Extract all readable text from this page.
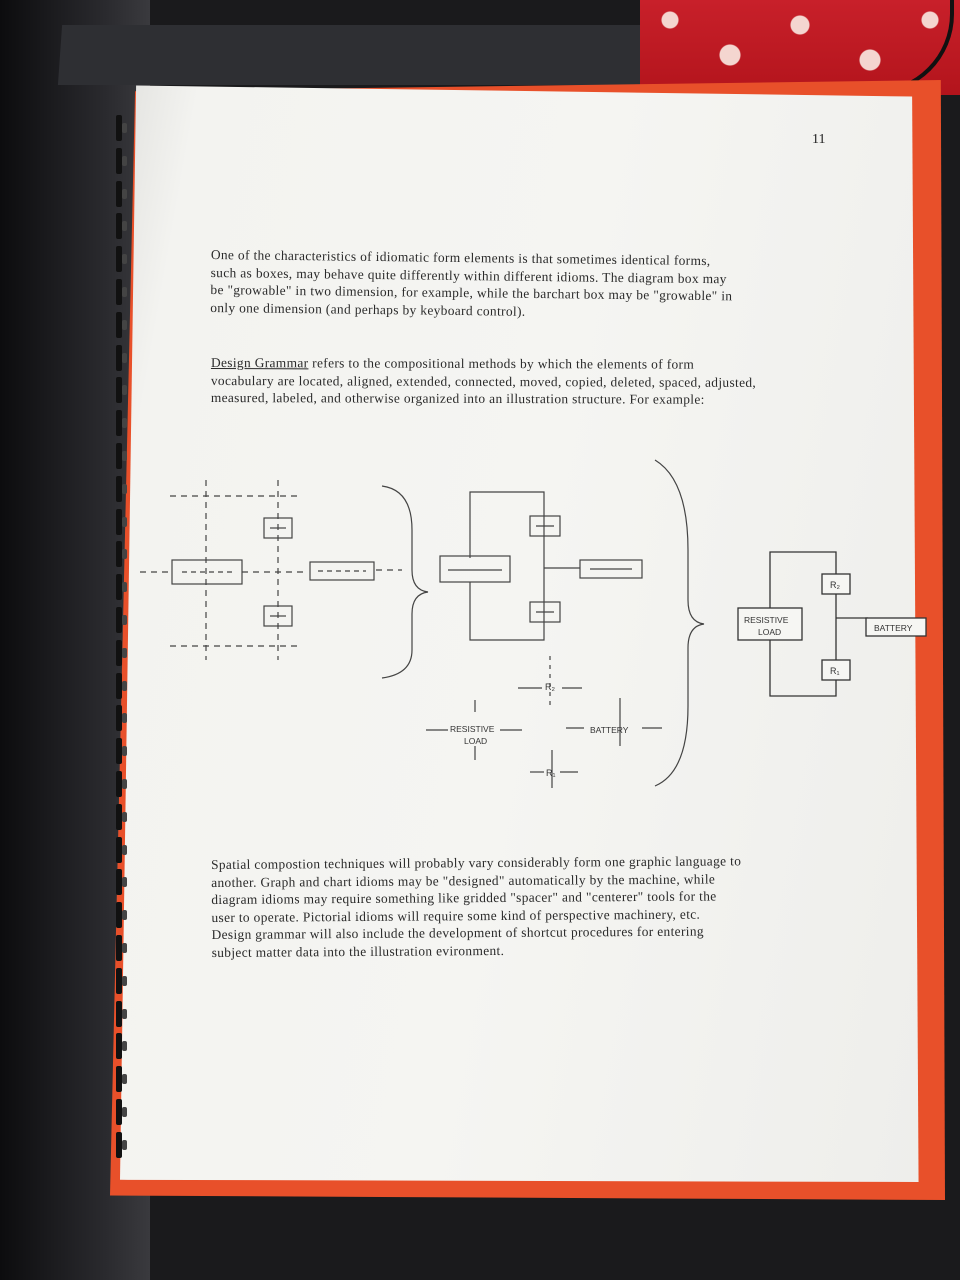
11
One of the characteristics of idiomatic form elements is that sometimes identical forms,
such as boxes, may behave quite differently within different idioms. The diagram box may
be "growable" in two dimension, for example, while the barchart box may be "growable" in
only one dimension (and perhaps by keyboard control).
Design Grammar refers to the compositional methods by which the elements of form
vocabulary are located, aligned, extended, connected, moved, copied, deleted, spaced, adjusted,
measured, labeled, and otherwise organized into an illustration structure. For example:
R₂
RESISTIVE
LOAD
BATTERY
R₁
R₂
RESISTIVE
LOAD	BATTERY
R₁
Spatial compostion techniques will probably vary considerably form one graphic language to
another. Graph and chart idioms may be "designed" automatically by the machine, while
diagram idioms may require something like gridded "spacer" and "centerer" tools for the
user to operate. Pictorial idioms will require some kind of perspective machinery, etc.
Design grammar will also include the development of shortcut procedures for entering
subject matter data into the illustration evironment.
